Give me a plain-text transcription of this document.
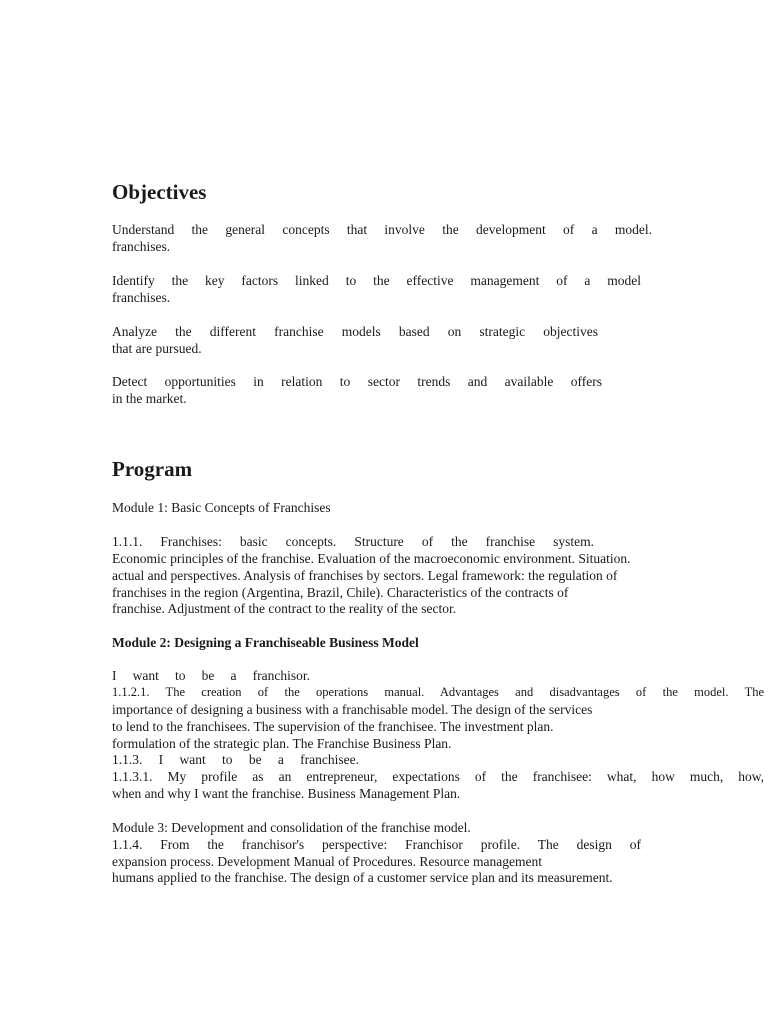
Objectives
Understand the general concepts that involve the development of a model.
franchises.
Identify the key factors linked to the effective management of a model
franchises.
Analyze the different franchise models based on strategic objectives
that are pursued.
Detect opportunities in relation to sector trends and available offers
in the market.
Program
Module 1: Basic Concepts of Franchises
1.1.1. Franchises: basic concepts. Structure of the franchise system.
Economic principles of the franchise. Evaluation of the macroeconomic environment. Situation.
actual and perspectives. Analysis of franchises by sectors. Legal framework: the regulation of
franchises in the region (Argentina, Brazil, Chile). Characteristics of the contracts of
franchise. Adjustment of the contract to the reality of the sector.
Module 2: Designing a Franchiseable Business Model
I want to be a franchisor.
1.1.2.1. The creation of the operations manual. Advantages and disadvantages of the model. The
importance of designing a business with a franchisable model. The design of the services
to lend to the franchisees. The supervision of the franchisee. The investment plan.
formulation of the strategic plan. The Franchise Business Plan.
1.1.3. I want to be a franchisee.
1.1.3.1. My profile as an entrepreneur, expectations of the franchisee: what, how much, how,
when and why I want the franchise. Business Management Plan.
Module 3: Development and consolidation of the franchise model.
1.1.4. From the franchisor's perspective: Franchisor profile. The design of
expansion process. Development Manual of Procedures. Resource management
humans applied to the franchise. The design of a customer service plan and its measurement.
